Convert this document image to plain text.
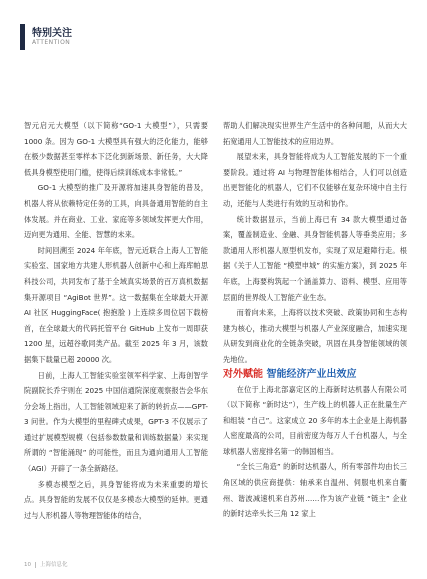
特别关注
ATTENTION

智元启元大模型（以下简称“GO-1 大模型”），只需要 1000 条。因为 GO-1 大模型具有强大的泛化能力，能够在极少数据甚至零样本下泛化到新场景、新任务，大大降低具身模型使用门槛，使得后续训练成本非常低。”

GO-1 大模型的推广及开源将加速具身智能的普及，机器人将从依赖特定任务的工具，向具备通用智能的自主体发展。并在商业、工业、家庭等多领域发挥更大作用，迈向更为通用、全能、智慧的未来。

时间回溯至 2024 年年底，智元近联合上海人工智能实验室、国家地方共建人形机器人创新中心和上海库帕思科技公司，共同发布了基于全域真实场景的百万真机数据集开源项目 “AgiBot 世界”。这一数据集在全球最大开源 AI 社区 HuggingFace( 抱抱脸 ) 上连续多周位居下载榜首，在全球最大的代码托管平台 GitHub 上发布一周即获 1200 星，远超谷歌同类产品。截至 2025 年 3 月，该数据集下载量已超 20000 次。

日前，上海人工智能实验室领军科学家、上海创智学院副院长乔宇则在 2025 中国信通院深度观察报告会华东分会场上指出，人工智能领域迎来了新的转折点——GPT-3 问世。作为大模型的里程碑式成果，GPT-3 不仅展示了通过扩展模型规模（包括参数数量和训练数据量）来实现所谓的 “智能涌现” 的可能性，而且为通向通用人工智能（AGI）开辟了一条全新路径。

多模态模型之后，具身智能将成为未来重要的增长点。具身智能的发展不仅仅是多模态大模型的延伸。更通过与人形机器人等物理智能体的结合，

帮助人们解决现实世界生产生活中的各种问题，从而大大拓宽通用人工智能技术的应用边界。

展望未来，具身智能将成为人工智能发展的下一个重要阶段。通过将 AI 与物理智能体相结合，人们可以创造出更智能化的机器人，它们不仅能够在复杂环境中自主行动，还能与人类进行有效的互动和协作。

统计数据显示，当前上海已有 34 款大模型通过备案，覆盖制造业、金融、具身智能机器人等垂类应用；多款通用人形机器人原型机发布，实现了双足避障行走。根据《关于人工智能 “模塑申城” 的实施方案》，到 2025 年年底，上海要构筑起一个涵盖算力、语料、模型、应用等层面的世界级人工智能产业生态。

而着向未来，上海将以技术突破、政策协同和生态构建为核心，推动大模型与机器人产业深度融合，加速实现从研发到商业化的全链条突破，巩固在具身智能领域的领先地位。

对外赋能 智能经济产业出效应

在位于上海北部嘉定区的上海新时达机器人有限公司（以下简称 “新时达”），生产线上的机器人正在批量生产和组装 “自己”。这家成立 20 多年的本土企业是上海机器人密度最高的公司，目前密度为每万人千台机器人，与全球机器人密度排名第一的韩国相当。

“全长三角造” 的新时达机器人，所有零部件均由长三角区域的供应商提供：轴承来自温州、伺服电机来自衢州、谐波减速机来自苏州……作为该产业链 “链主” 企业的新时达牵头长三角 12 家上

10 上海信息化
